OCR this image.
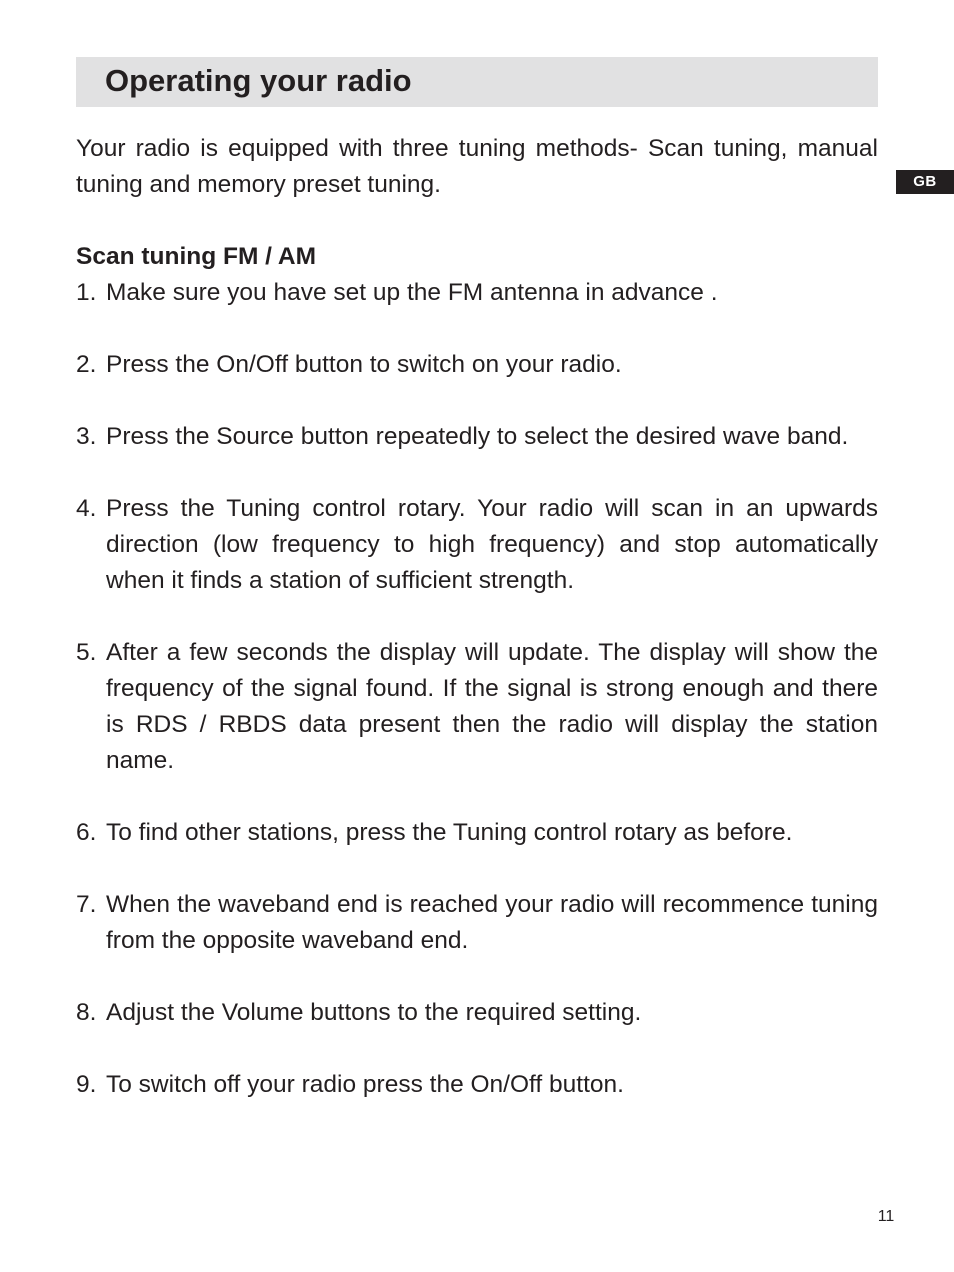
Operating your radio
GB

Your radio is equipped with three tuning methods- Scan tuning, manual tuning and memory preset tuning.

Scan tuning FM / AM
1. Make sure you have set up the FM antenna in advance .
2. Press the On/Off button to switch on your radio.
3. Press the Source button repeatedly to select the desired wave band.
4. Press the Tuning control rotary. Your radio will scan in an upwards direction (low frequency to high frequency) and stop automatically when it finds a station of sufficient strength.
5. After a few seconds the display will update. The display will show the frequency of the signal found. If the signal is strong enough and there is RDS / RBDS data present then the radio will display the station name.
6. To find other stations, press the Tuning control rotary as before.
7. When the waveband end is reached your radio will recommence tuning from the opposite waveband end.
8. Adjust the Volume buttons to the required setting.
9. To switch off your radio press the On/Off button.
11
